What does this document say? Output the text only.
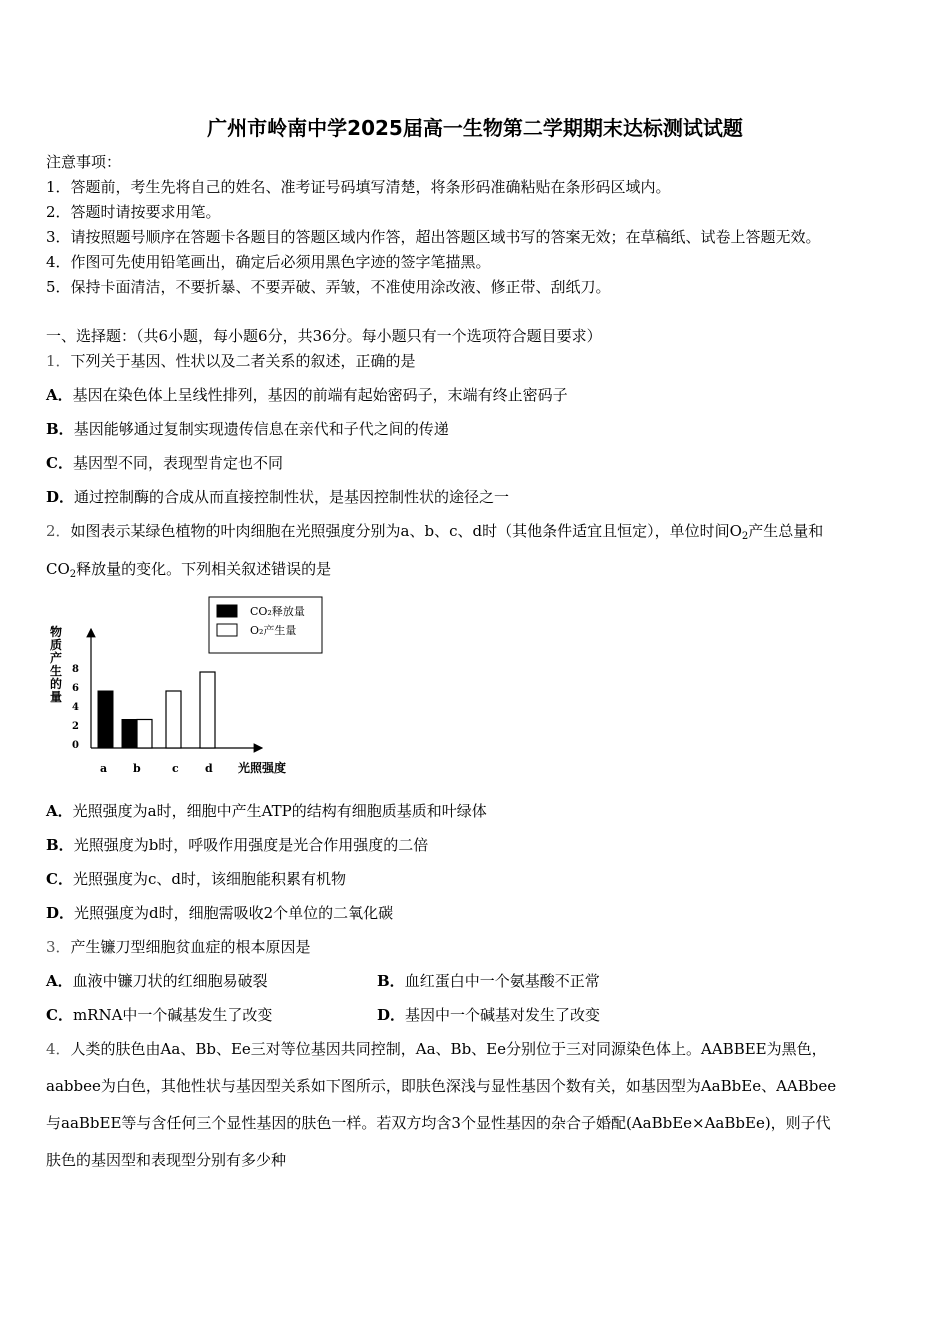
广州市岭南中学2025届高一生物第二学期期末达标测试试题
注意事项：
1．答题前，考生先将自己的姓名、准考证号码填写清楚，将条形码准确粘贴在条形码区域内。
2．答题时请按要求用笔。
3．请按照题号顺序在答题卡各题目的答题区域内作答，超出答题区域书写的答案无效；在草稿纸、试卷上答题无效。
4．作图可先使用铅笔画出，确定后必须用黑色字迹的签字笔描黑。
5．保持卡面清洁，不要折暴、不要弄破、弄皱，不准使用涂改液、修正带、刮纸刀。
一、选择题：（共6小题，每小题6分，共36分。每小题只有一个选项符合题目要求）
1．下列关于基因、性状以及二者关系的叙述，正确的是
A．基因在染色体上呈线性排列，基因的前端有起始密码子，末端有终止密码子
B．基因能够通过复制实现遗传信息在亲代和子代之间的传递
C．基因型不同，表现型肯定也不同
D．通过控制酶的合成从而直接控制性状，是基因控制性状的途径之一
2．如图表示某绿色植物的叶肉细胞在光照强度分别为a、b、c、d时（其他条件适宜且恒定），单位时间$O_2$产生总量和
$CO_2$释放量的变化。下列相关叙述错误的是
CO₂释放量
O₂产生量
物质产生的量
0
2
4
6
8
a b	c d 光照强度
A．光照强度为a时，细胞中产生ATP的结构有细胞质基质和叶绿体
B．光照强度为b时，呼吸作用强度是光合作用强度的二倍
C．光照强度为c、d时，该细胞能积累有机物
D．光照强度为d时，细胞需吸收2个单位的二氧化碳
3．产生镰刀型细胞贫血症的根本原因是
A．血液中镰刀状的红细胞易破裂	B．血红蛋白中一个氨基酸不正常
C．mRNA中一个碱基发生了改变	D．基因中一个碱基对发生了改变
4．人类的肤色由Aa、Bb、Ee三对等位基因共同控制，Aa、Bb、Ee分别位于三对同源染色体上。AABBEE为黑色，
aabbee为白色，其他性状与基因型关系如下图所示，即肤色深浅与显性基因个数有关，如基因型为AaBbEe、AABbee
与aaBbEE等与含任何三个显性基因的肤色一样。若双方均含3个显性基因的杂合子婚配(AaBbEe×AaBbEe)，则子代
肤色的基因型和表现型分别有多少种
